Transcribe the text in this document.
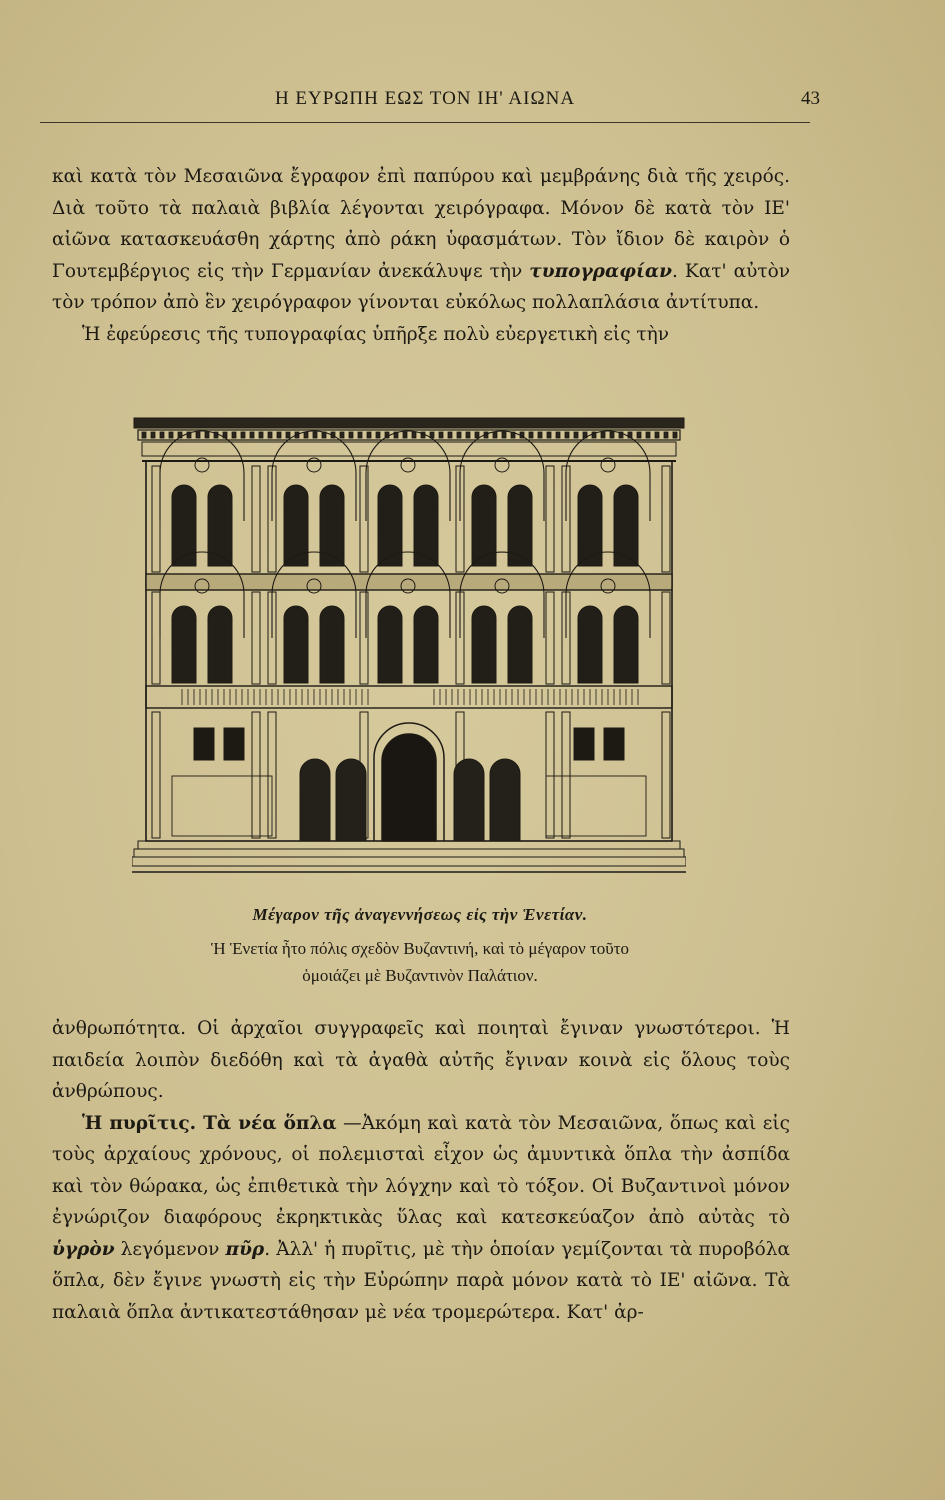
Η ΕΥΡΩΠΗ ΕΩΣ ΤΟΝ ΙΗ' ΑΙΩΝΑ	43

καὶ κατὰ τὸν Μεσαιῶνα ἔγραφον ἐπὶ παπύρου καὶ μεμβράνης διὰ τῆς χειρός. Διὰ τοῦτο τὰ παλαιὰ βιβλία λέγονται χειρόγραφα. Μόνον δὲ κατὰ τὸν ΙΕ' αἰῶνα κατασκευάσθη χάρτης ἀπὸ ράκη ὑφασμάτων. Τὸν ἴδιον δὲ καιρὸν ὁ Γουτεμβέργιος εἰς τὴν Γερμανίαν ἀνεκάλυψε τὴν τυπογραφίαν. Κατ' αὐτὸν τὸν τρόπον ἀπὸ ἓν χειρόγραφον γίνονται εὐκόλως πολλαπλάσια ἀντίτυπα.

Ἡ ἐφεύρεσις τῆς τυπογραφίας ὑπῆρξε πολὺ εὐεργετικὴ εἰς τὴν

Μέγαρον τῆς ἀναγεννήσεως εἰς τὴν Ἑνετίαν.
Ἡ Ἑνετία ἦτο πόλις σχεδὸν Βυζαντινή, καὶ τὸ μέγαρον τοῦτο
ὁμοιάζει μὲ Βυζαντινὸν Παλάτιον.

ἀνθρωπότητα. Οἱ ἀρχαῖοι συγγραφεῖς καὶ ποιηταὶ ἔγιναν γνωστότεροι. Ἡ παιδεία λοιπὸν διεδόθη καὶ τὰ ἀγαθὰ αὐτῆς ἔγιναν κοινὰ εἰς ὅλους τοὺς ἀνθρώπους.

Ἡ πυρῖτις. Τὰ νέα ὅπλα —Ἀκόμη καὶ κατὰ τὸν Μεσαιῶνα, ὅπως καὶ εἰς τοὺς ἀρχαίους χρόνους, οἱ πολεμισταὶ εἶχον ὡς ἀμυντικὰ ὅπλα τὴν ἀσπίδα καὶ τὸν θώρακα, ὡς ἐπιθετικὰ τὴν λόγχην καὶ τὸ τόξον. Οἱ Βυζαντινοὶ μόνον ἐγνώριζον διαφόρους ἐκρηκτικὰς ὕλας καὶ κατεσκεύαζον ἀπὸ αὐτὰς τὸ ὑγρὸν λεγόμενον πῦρ. Ἀλλ' ἡ πυρῖτις, μὲ τὴν ὁποίαν γεμίζονται τὰ πυροβόλα ὅπλα, δὲν ἔγινε γνωστὴ εἰς τὴν Εὐρώπην παρὰ μόνον κατὰ τὸ ΙΕ' αἰῶνα. Τὰ παλαιὰ ὅπλα ἀντικατεστάθησαν μὲ νέα τρομερώτερα. Κατ' ἀρ-
